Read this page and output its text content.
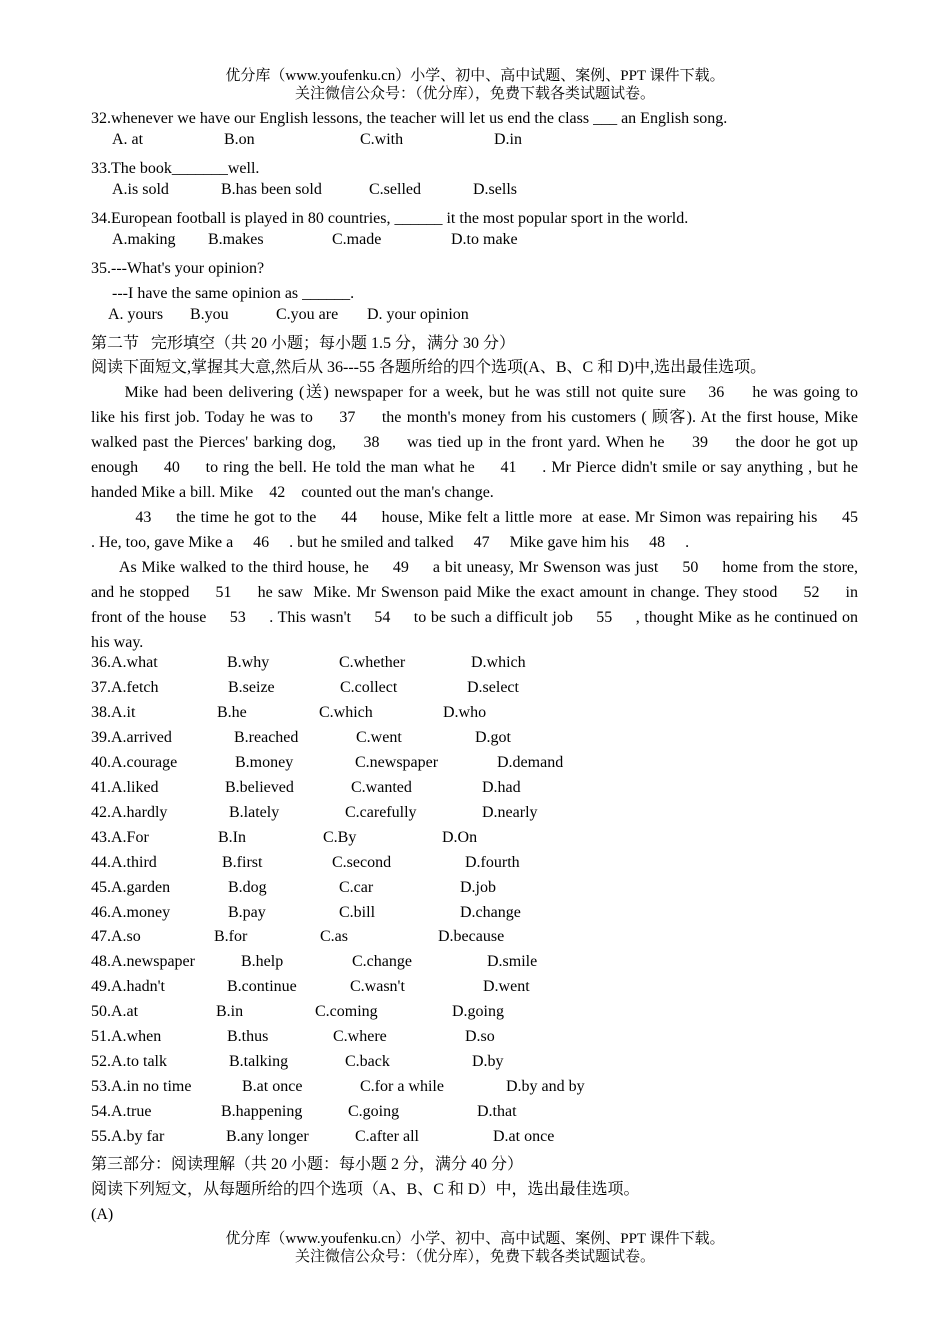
优分库（www.youfenku.cn）小学、初中、高中试题、案例、PPT 课件下载。
关注微信公众号：（优分库），免费下载各类试题试卷。
32.whenever we have our English lessons, the teacher will let us end the class ___ an English song.
A. at	B.on	C.with	D.in
33.The book_______well.
A.is sold	B.has been sold	C.selled	D.sells
34.European football is played in 80 countries, ______ it the most popular sport in the world.
A.making B.makes	C.made	D.to make
35.---What's your opinion?
---I have the same opinion as ______.
A. yours B.you	C.you are D. your opinion
第二节   完形填空（共 20 小题；每小题 1.5 分，满分 30 分）
阅读下面短文,掌握其大意,然后从 36---55 各题所给的四个选项(A、B、C 和 D)中,选出最佳选项。
Mike had been delivering (送) newspaper for a week, but he was still not quite sure    36     he was going to
like his first job. Today he was to     37     the month's money from his customers ( 顾客). At the first house, Mike
walked past the Pierces' barking dog,     38     was tied up in the front yard. When he     39     the door he got up
enough     40     to ring the bell. He told the man what he     41     . Mr Pierce didn't smile or say anything , but he
handed Mike a bill. Mike    42    counted out the man's change.
43     the time he got to the     44     house, Mike felt a little more  at ease. Mr Simon was repairing his     45
. He, too, gave Mike a     46     . but he smiled and talked     47     Mike gave him his     48     .
As Mike walked to the third house, he     49     a bit uneasy, Mr Swenson was just     50     home from the store,
and he stopped     51     he saw  Mike. Mr Swenson paid Mike the exact amount in change. They stood     52     in
front of the house     53     . This wasn't     54     to be such a difficult job     55     , thought Mike as he continued on
his way.
36.A.what	B.why	C.whether	D.which
37.A.fetch	B.seize	C.collect	D.select
38.A.it	B.he	C.which	D.who
39.A.arrived	B.reached	C.went	D.got
40.A.courage	B.money	C.newspaper	D.demand
41.A.liked	B.believed	C.wanted	D.had
42.A.hardly	B.lately	C.carefully	D.nearly
43.A.For	B.In	C.By	D.On
44.A.third	B.first	C.second	D.fourth
45.A.garden	B.dog	C.car	D.job
46.A.money	B.pay	C.bill	D.change
47.A.so	B.for	C.as	D.because
48.A.newspaper	B.help	C.change	D.smile
49.A.hadn't	B.continue	C.wasn't	D.went
50.A.at	B.in	C.coming	D.going
51.A.when	B.thus	C.where	D.so
52.A.to talk	B.talking	C.back	D.by
53.A.in no time	B.at once	C.for a while	D.by and by
54.A.true	B.happening	C.going	D.that
55.A.by far	B.any longer	C.after all	D.at once
第三部分：阅读理解（共 20 小题：每小题 2 分，满分 40 分）
阅读下列短文，从每题所给的四个选项（A、B、C 和 D）中，选出最佳选项。
(A)
优分库（www.youfenku.cn）小学、初中、高中试题、案例、PPT 课件下载。
关注微信公众号：（优分库），免费下载各类试题试卷。
